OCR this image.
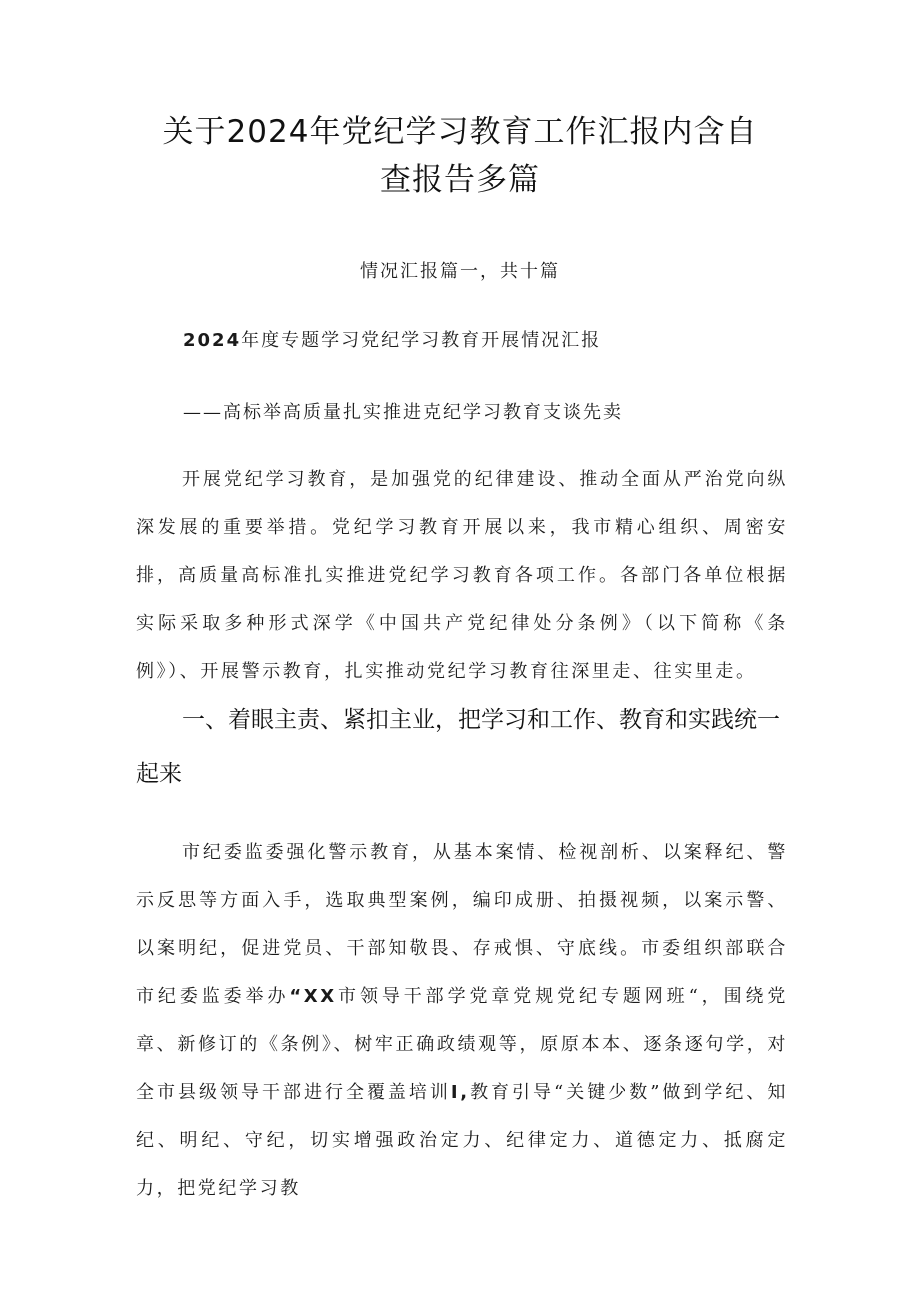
关于2024年党纪学习教育工作汇报内含自
查报告多篇
情况汇报篇一，共十篇
2024年度专题学习党纪学习教育开展情况汇报
——高标举高质量扎实推进克纪学习教育支谈先卖

开展党纪学习教育，是加强党的纪律建设、推动全面从严治党向纵深发展的重要举措。党纪学习教育开展以来，我市精心组织、周密安排，高质量高标准扎实推进党纪学习教育各项工作。各部门各单位根据实际采取多种形式深学《中国共产党纪律处分条例》（以下简称《条例》）、开展警示教育，扎实推动党纪学习教育往深里走、往实里走。

一、着眼主责、紧扣主业，把学习和工作、教育和实践统一起来

市纪委监委强化警示教育，从基本案情、检视剖析、以案释纪、警示反思等方面入手，选取典型案例，编印成册、拍摄视频，以案示警、以案明纪，促进党员、干部知敬畏、存戒惧、守底线。市委组织部联合市纪委监委举办“XX市领导干部学党章党规党纪专题网班“，围绕党章、新修订的《条例》、树牢正确政绩观等，原原本本、逐条逐句学，对全市县级领导干部进行全覆盖培训I,教育引导“关键少数”做到学纪、知纪、明纪、守纪，切实增强政治定力、纪律定力、道德定力、抵腐定力，把党纪学习教
